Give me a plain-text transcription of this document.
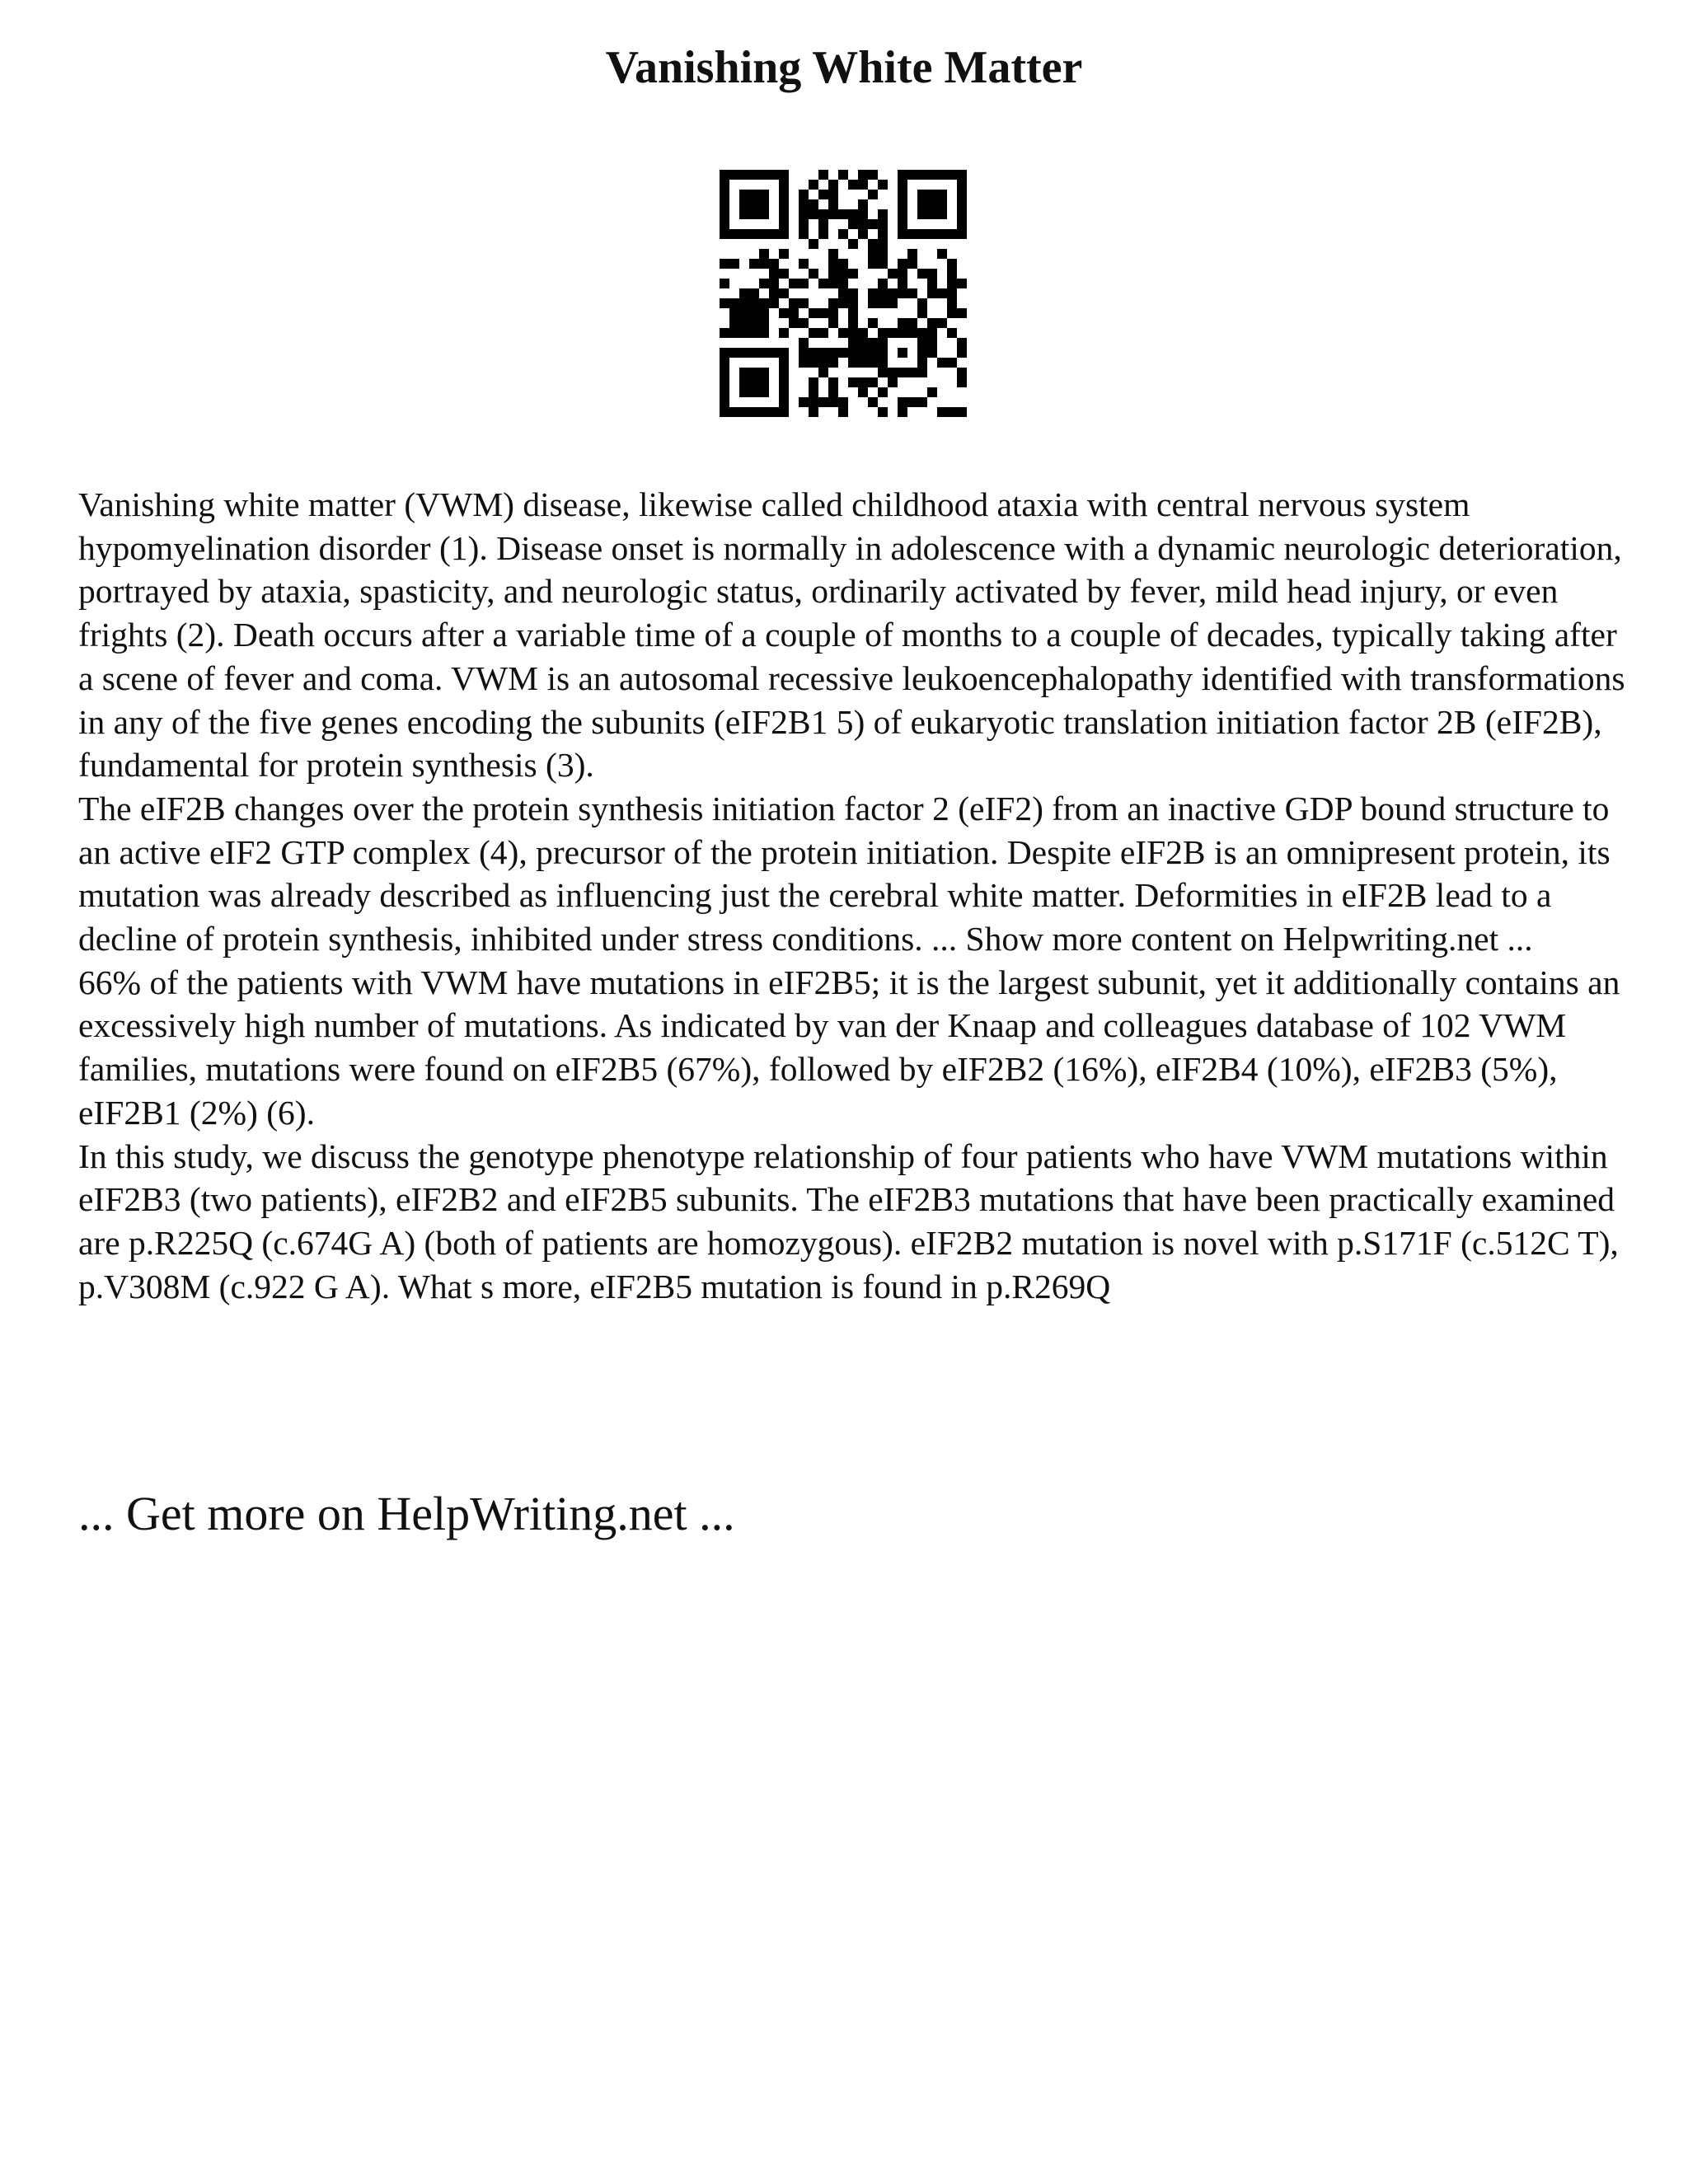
Vanishing White Matter

Vanishing white matter (VWM) disease, likewise called childhood ataxia with central nervous system hypomyelination disorder (1). Disease onset is normally in adolescence with a dynamic neurologic deterioration, portrayed by ataxia, spasticity, and neurologic status, ordinarily activated by fever, mild head injury, or even frights (2). Death occurs after a variable time of a couple of months to a couple of decades, typically taking after a scene of fever and coma. VWM is an autosomal recessive leukoencephalopathy identified with transformations in any of the five genes encoding the subunits (eIF2B1 5) of eukaryotic translation initiation factor 2B (eIF2B), fundamental for protein synthesis (3).

The eIF2B changes over the protein synthesis initiation factor 2 (eIF2) from an inactive GDP bound structure to an active eIF2 GTP complex (4), precursor of the protein initiation. Despite eIF2B is an omnipresent protein, its mutation was already described as influencing just the cerebral white matter. Deformities in eIF2B lead to a decline of protein synthesis, inhibited under stress conditions. ... Show more content on Helpwriting.net ...

66% of the patients with VWM have mutations in eIF2B5; it is the largest subunit, yet it additionally contains an excessively high number of mutations. As indicated by van der Knaap and colleagues database of 102 VWM families, mutations were found on eIF2B5 (67%), followed by eIF2B2 (16%), eIF2B4 (10%), eIF2B3 (5%), eIF2B1 (2%) (6).

In this study, we discuss the genotype phenotype relationship of four patients who have VWM mutations within eIF2B3 (two patients), eIF2B2 and eIF2B5 subunits. The eIF2B3 mutations that have been practically examined are p.R225Q (c.674G A) (both of patients are homozygous). eIF2B2 mutation is novel with p.S171F (c.512C T), p.V308M (c.922 G A). What s more, eIF2B5 mutation is found in p.R269Q

... Get more on HelpWriting.net ...
